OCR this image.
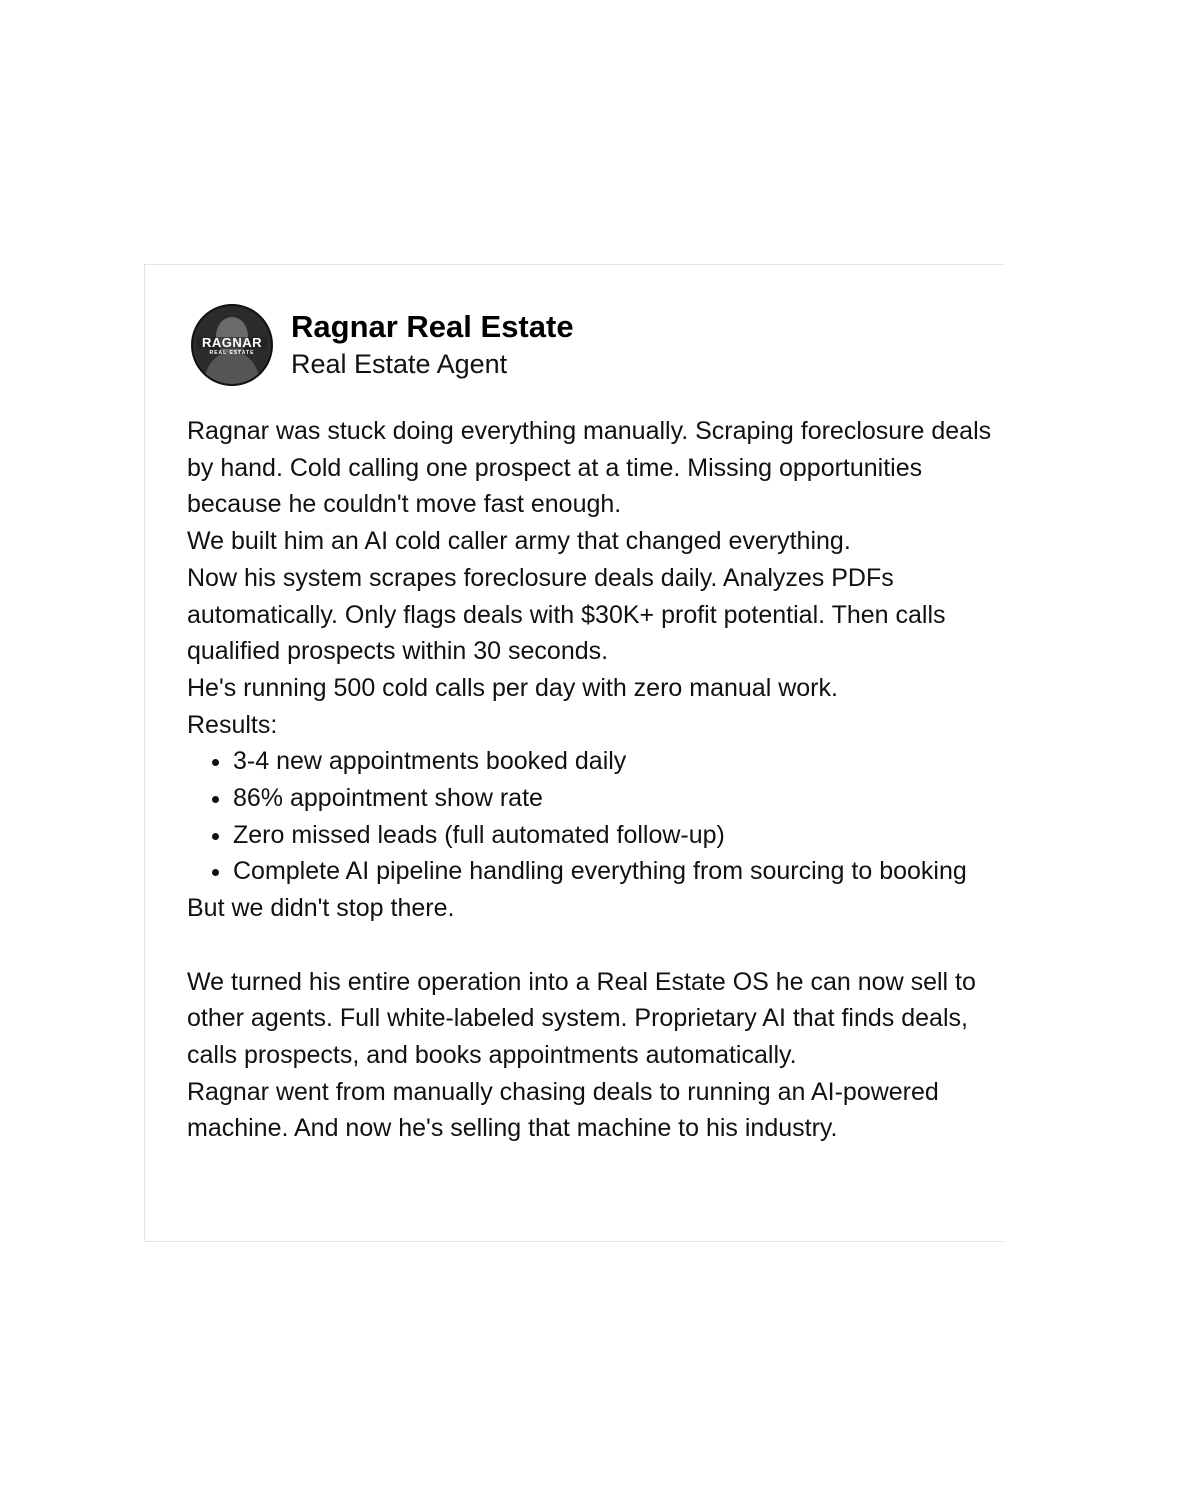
RAGNAR
REAL ESTATE
Ragnar Real Estate
Real Estate Agent

Ragnar was stuck doing everything manually. Scraping foreclosure deals by hand. Cold calling one prospect at a time. Missing opportunities because he couldn't move fast enough.

We built him an AI cold caller army that changed everything.

Now his system scrapes foreclosure deals daily. Analyzes PDFs automatically. Only flags deals with $30K+ profit potential. Then calls qualified prospects within 30 seconds.

He's running 500 cold calls per day with zero manual work.

Results:

• 3-4 new appointments booked daily
• 86% appointment show rate
• Zero missed leads (full automated follow-up)
• Complete AI pipeline handling everything from sourcing to booking

But we didn't stop there.

We turned his entire operation into a Real Estate OS he can now sell to other agents. Full white-labeled system. Proprietary AI that finds deals, calls prospects, and books appointments automatically.

Ragnar went from manually chasing deals to running an AI-powered machine. And now he's selling that machine to his industry.
